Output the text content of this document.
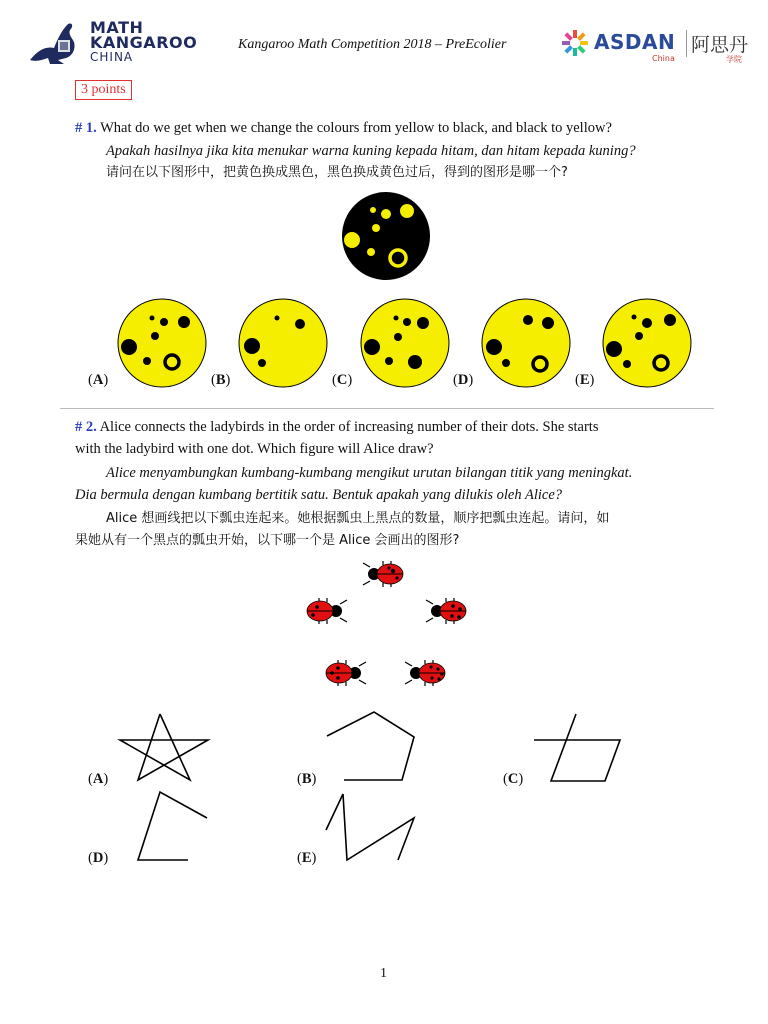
MATH
KANGAROO
CHINA
Kangaroo Math Competition 2018 – PreEcolier	ASDAN 阿思丹
China	学院
3 points
# 1. What do we get when we change the colours from yellow to black, and black to yellow?
Apakah hasilnya jika kita menukar warna kuning kepada hitam, dan hitam kepada kuning?
请问在以下图形中，把黄色换成黑色，黑色换成黄色过后，得到的图形是哪一个?
(A)	(B)	(C)	(D)	(E)
# 2. Alice connects the ladybirds in the order of increasing number of their dots. She starts
with the ladybird with one dot. Which figure will Alice draw?
Alice menyambungkan kumbang-kumbang mengikut urutan bilangan titik yang meningkat.
Dia bermula dengan kumbang bertitik satu. Bentuk apakah yang dilukis oleh Alice?
Alice 想画线把以下瓢虫连起来。她根据瓢虫上黑点的数量，顺序把瓢虫连起。请问，如
果她从有一个黑点的瓢虫开始，以下哪一个是 Alice 会画出的图形?
(A)	(B)	(C)
(D)	(E)
1
